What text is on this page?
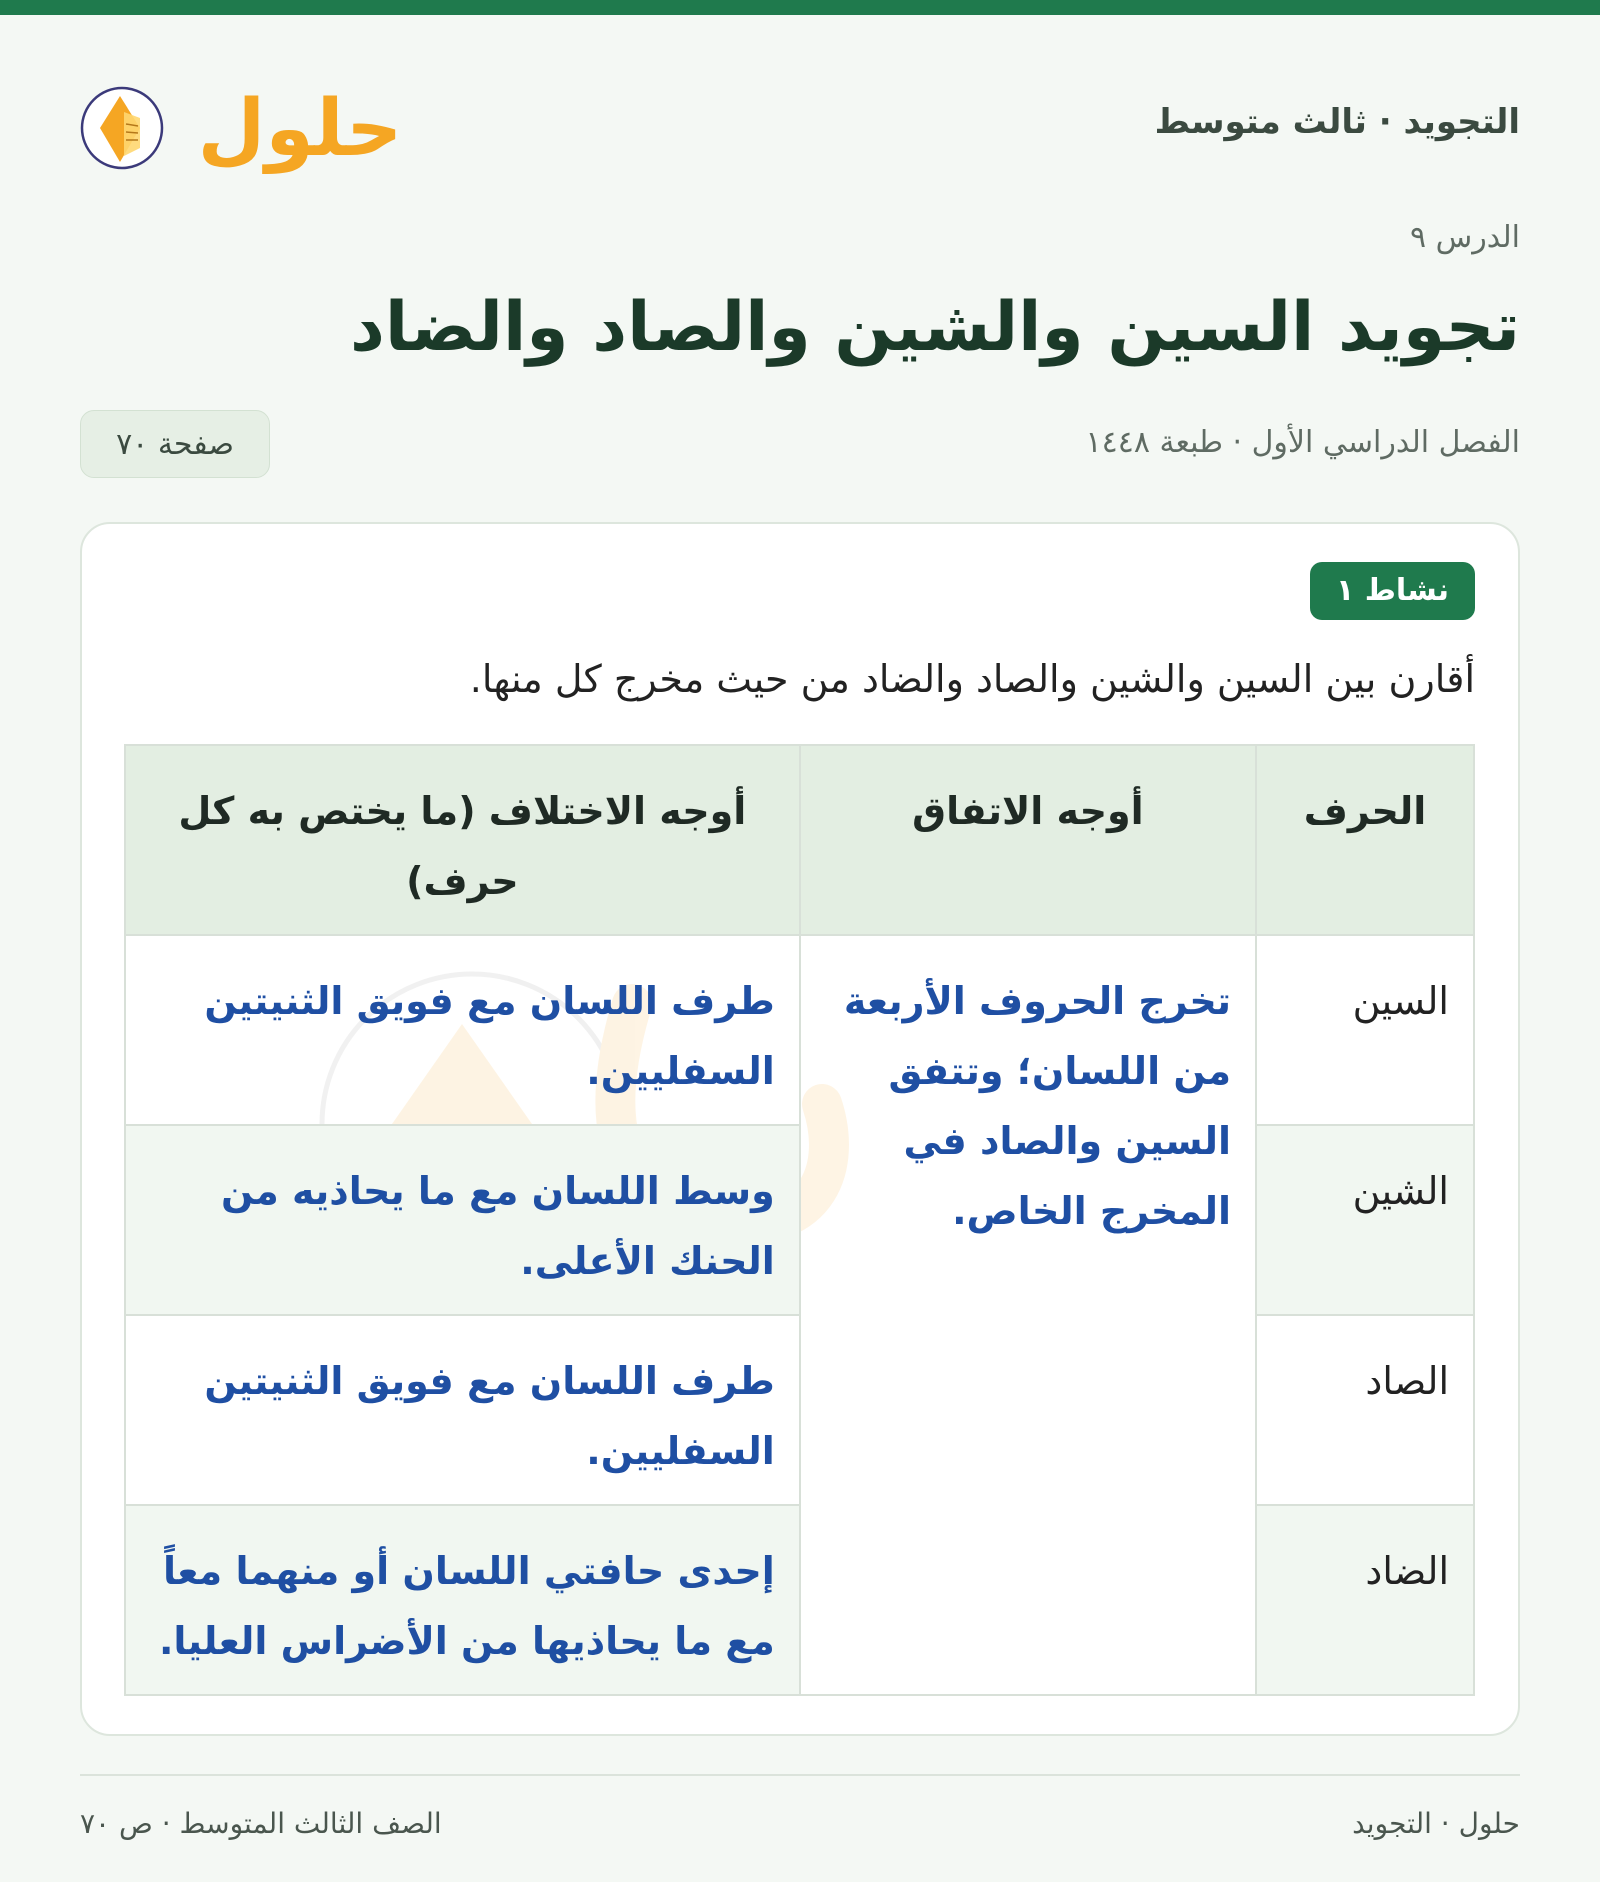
التجويد · ثالث متوسط
حلول
الدرس ٩
تجويد السين والشين والصاد والضاد
الفصل الدراسي الأول · طبعة ١٤٤٨
صفحة ٧٠
نشاط ١
أقارن بين السين والشين والصاد والضاد من حيث مخرج كل منها.
الحرف	أوجه الاتفاق	أوجه الاختلاف (ما يختص به كل حرف)
السين	تخرج الحروف الأربعة من اللسان؛ وتتفق السين والصاد في المخرج الخاص.	طرف اللسان مع فويق الثنيتين السفليين.
الشين		وسط اللسان مع ما يحاذيه من الحنك الأعلى.
الصاد		طرف اللسان مع فويق الثنيتين السفليين.
الضاد		إحدى حافتي اللسان أو منهما معاً مع ما يحاذيها من الأضراس العليا.
حلول · التجويد
الصف الثالث المتوسط · ص ٧٠
